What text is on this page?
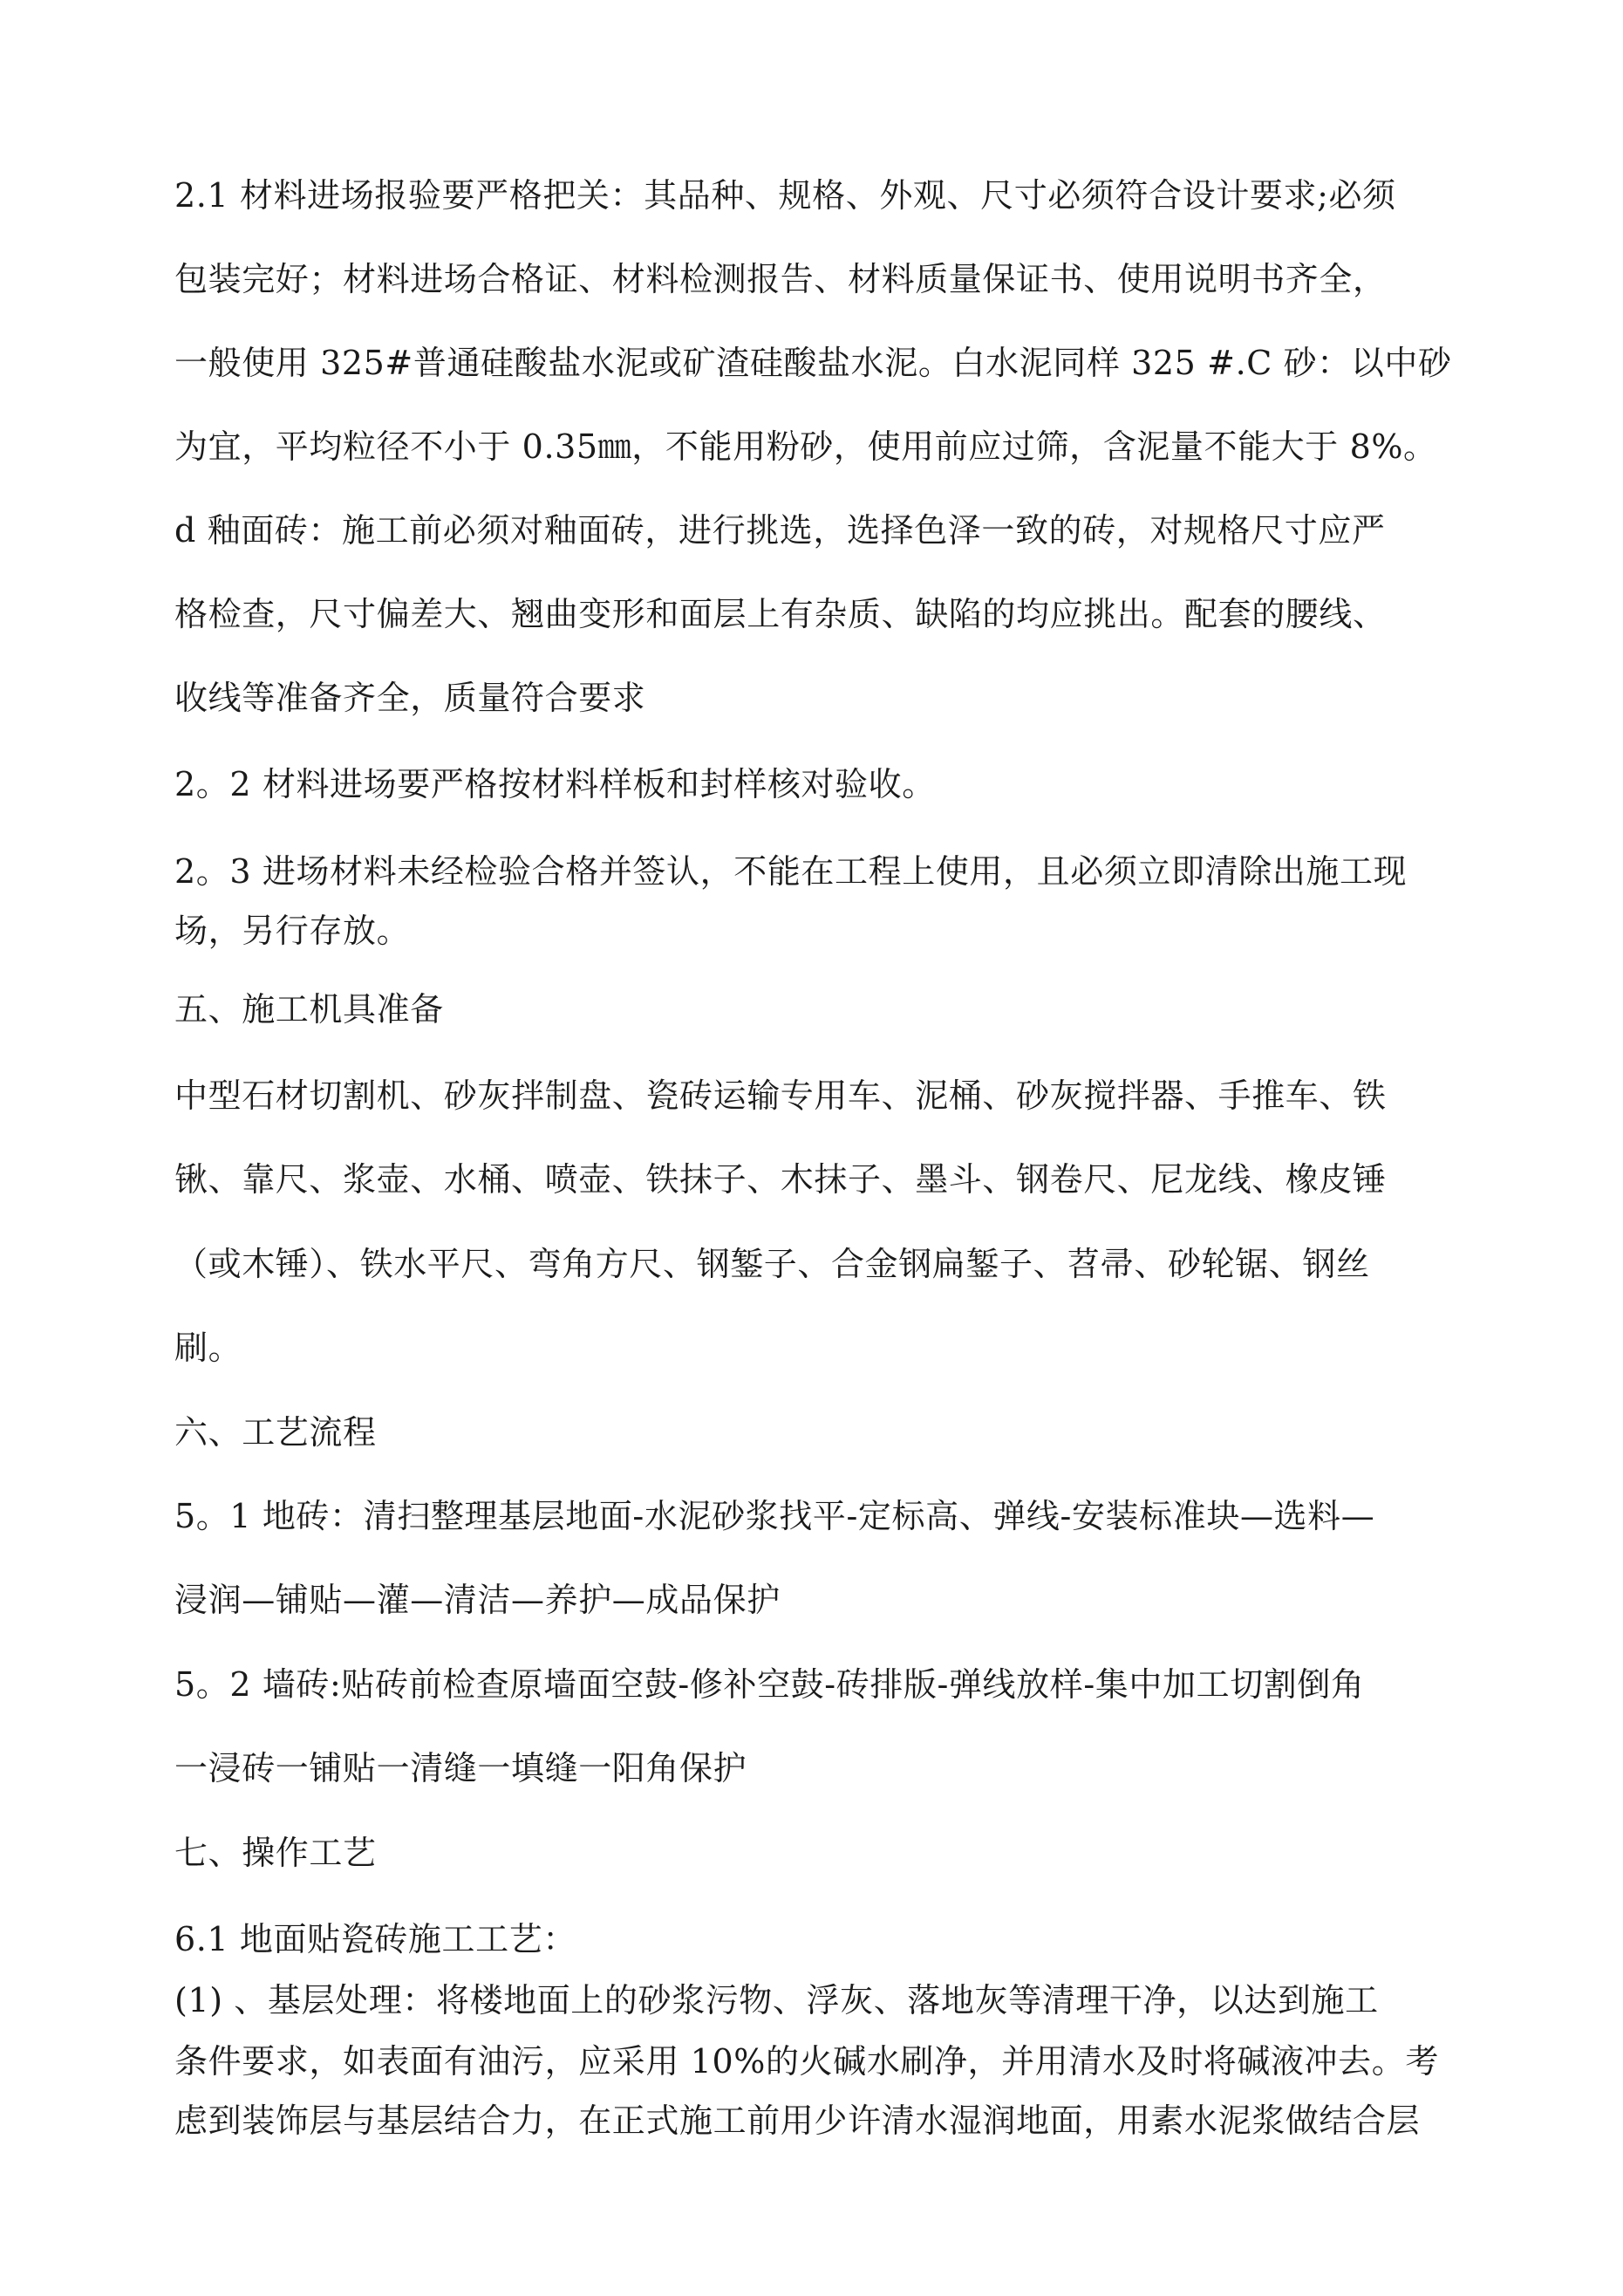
2.1 材料进场报验要严格把关：其品种、规格、外观、尺寸必须符合设计要求;必须
包装完好；材料进场合格证、材料检测报告、材料质量保证书、使用说明书齐全，
一般使用 325#普通硅酸盐水泥或矿渣硅酸盐水泥。白水泥同样 325 #.C 砂：以中砂
为宜，平均粒径不小于 0.35㎜，不能用粉砂，使用前应过筛，含泥量不能大于 8%。
d 釉面砖：施工前必须对釉面砖，进行挑选，选择色泽一致的砖，对规格尺寸应严
格检查，尺寸偏差大、翘曲变形和面层上有杂质、缺陷的均应挑出。配套的腰线、
收线等准备齐全，质量符合要求
2。2 材料进场要严格按材料样板和封样核对验收。
2。3 进场材料未经检验合格并签认，不能在工程上使用，且必须立即清除出施工现
场，另行存放。
五、施工机具准备
中型石材切割机、砂灰拌制盘、瓷砖运输专用车、泥桶、砂灰搅拌器、手推车、铁
锹、靠尺、浆壶、水桶、喷壶、铁抹子、木抹子、墨斗、钢卷尺、尼龙线、橡皮锤
（或木锤）、铁水平尺、弯角方尺、钢錾子、合金钢扁錾子、苕帚、砂轮锯、钢丝
刷。
六、工艺流程
5。1 地砖：清扫整理基层地面-水泥砂浆找平-定标高、弹线-安装标准块—选料—
浸润—铺贴—灌—清洁—养护—成品保护
5。2 墙砖:贴砖前检查原墙面空鼓-修补空鼓-砖排版-弹线放样-集中加工切割倒角
一浸砖一铺贴一清缝一填缝一阳角保护
七、操作工艺
6.1 地面贴瓷砖施工工艺：
(1) 、基层处理：将楼地面上的砂浆污物、浮灰、落地灰等清理干净，以达到施工
条件要求，如表面有油污，应采用 10%的火碱水刷净，并用清水及时将碱液冲去。考
虑到装饰层与基层结合力，在正式施工前用少许清水湿润地面，用素水泥浆做结合层
